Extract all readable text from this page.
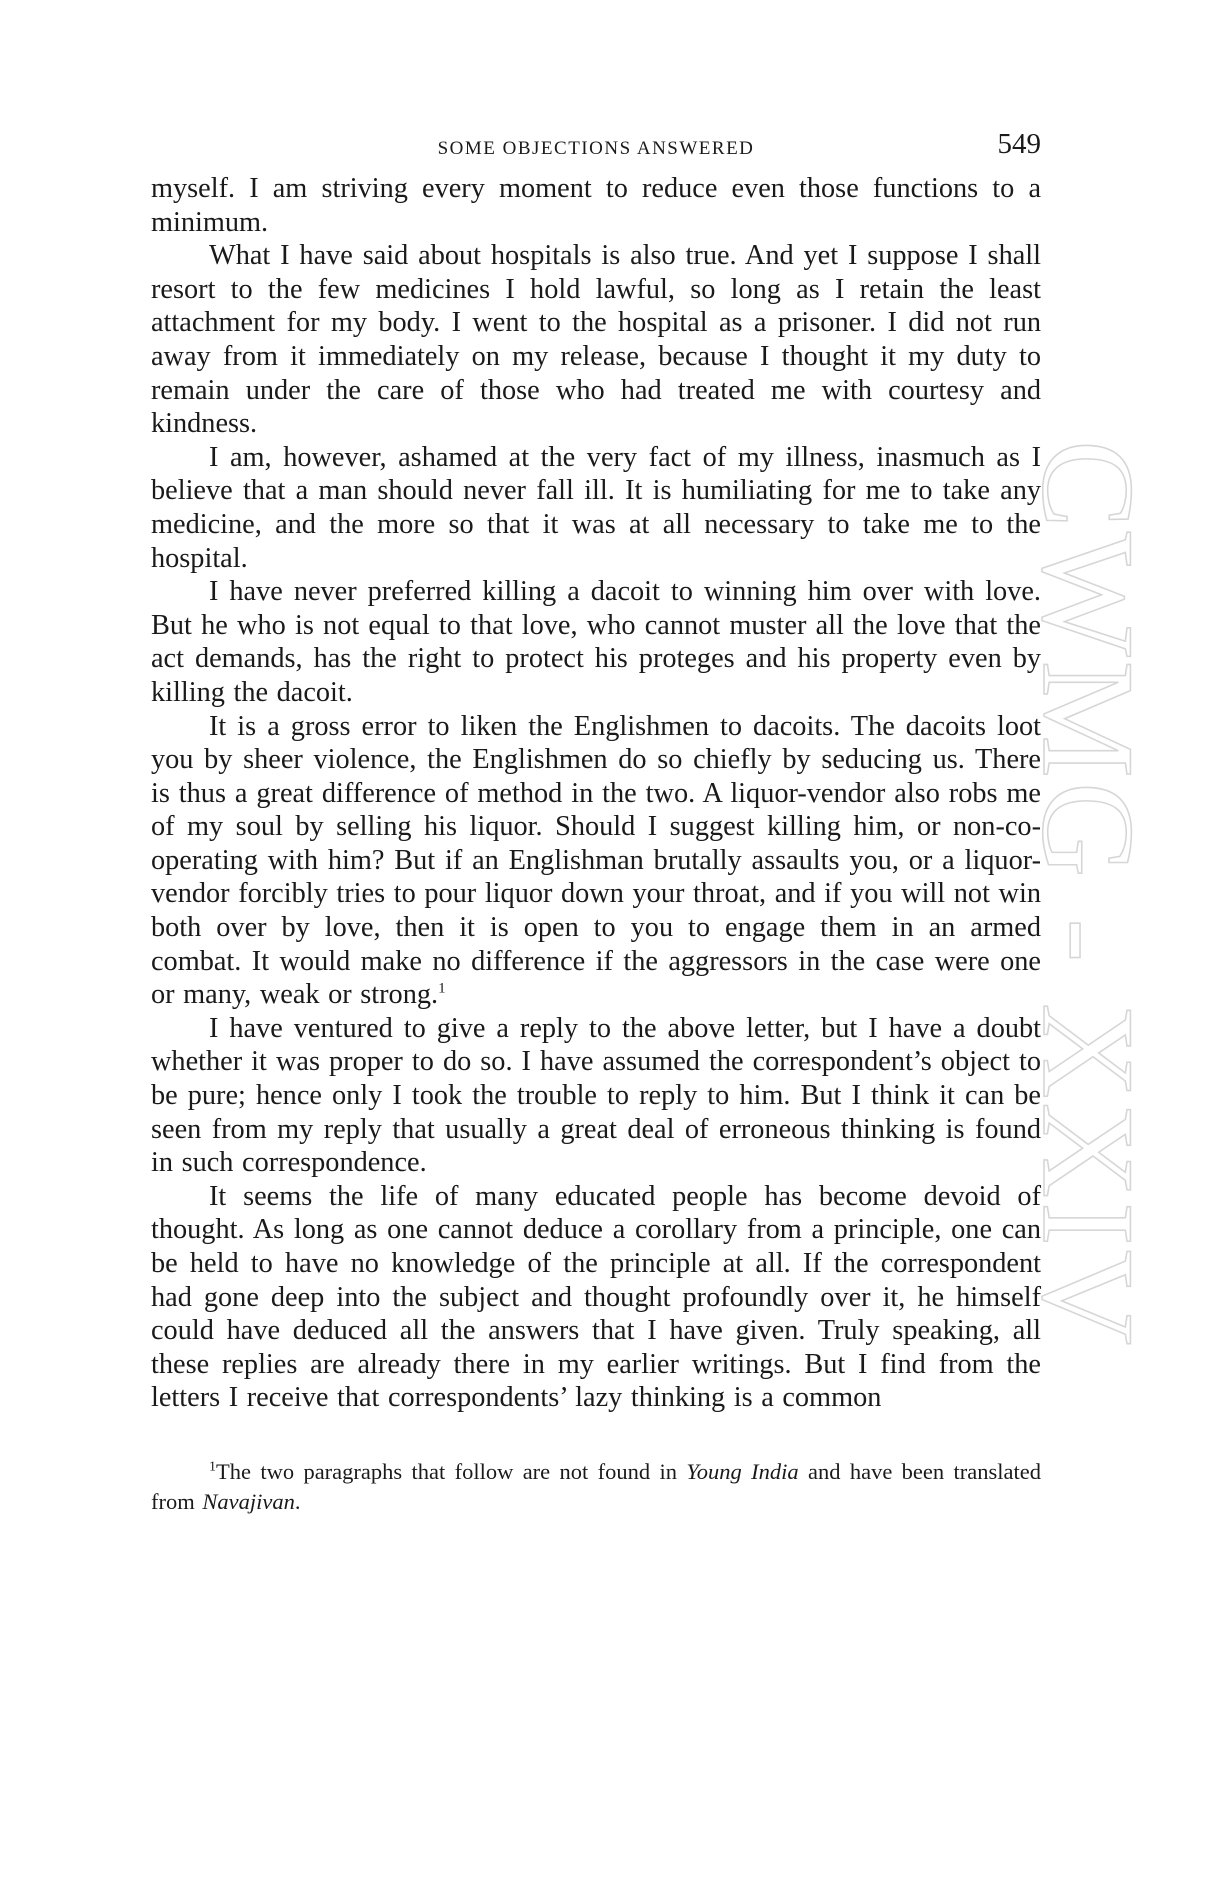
CWMG - XXIV
SOME OBJECTIONS ANSWERED	549

myself. I am striving every moment to reduce even those functions to a minimum.

What I have said about hospitals is also true. And yet I suppose I shall resort to the few medicines I hold lawful, so long as I retain the least attachment for my body. I went to the hospital as a prisoner. I did not run away from it immediately on my release, because I thought it my duty to remain under the care of those who had treated me with courtesy and kindness.

I am, however, ashamed at the very fact of my illness, inasmuch as I believe that a man should never fall ill. It is humiliating for me to take any medicine, and the more so that it was at all necessary to take me to the hospital.

I have never preferred killing a dacoit to winning him over with love. But he who is not equal to that love, who cannot muster all the love that the act demands, has the right to protect his proteges and his property even by killing the dacoit.

It is a gross error to liken the Englishmen to dacoits. The dacoits loot you by sheer violence, the Englishmen do so chiefly by seducing us. There is thus a great difference of method in the two. A liquor-vendor also robs me of my soul by selling his liquor. Should I suggest killing him, or non-co-operating with him? But if an Englishman brutally assaults you, or a liquor-vendor forcibly tries to pour liquor down your throat, and if you will not win both over by love, then it is open to you to engage them in an armed combat. It would make no difference if the aggressors in the case were one or many, weak or strong.$^1$

I have ventured to give a reply to the above letter, but I have a doubt whether it was proper to do so. I have assumed the correspondent’s object to be pure; hence only I took the trouble to reply to him. But I think it can be seen from my reply that usually a great deal of erroneous thinking is found in such correspondence.

It seems the life of many educated people has become devoid of thought. As long as one cannot deduce a corollary from a principle, one can be held to have no knowledge of the principle at all. If the correspondent had gone deep into the subject and thought profoundly over it, he himself could have deduced all the answers that I have given. Truly speaking, all these replies are already there in my earlier writings. But I find from the letters I receive that correspondents’ lazy thinking is a common

$^1$The two paragraphs that follow are not found in Young India and have been translated from Navajivan.
